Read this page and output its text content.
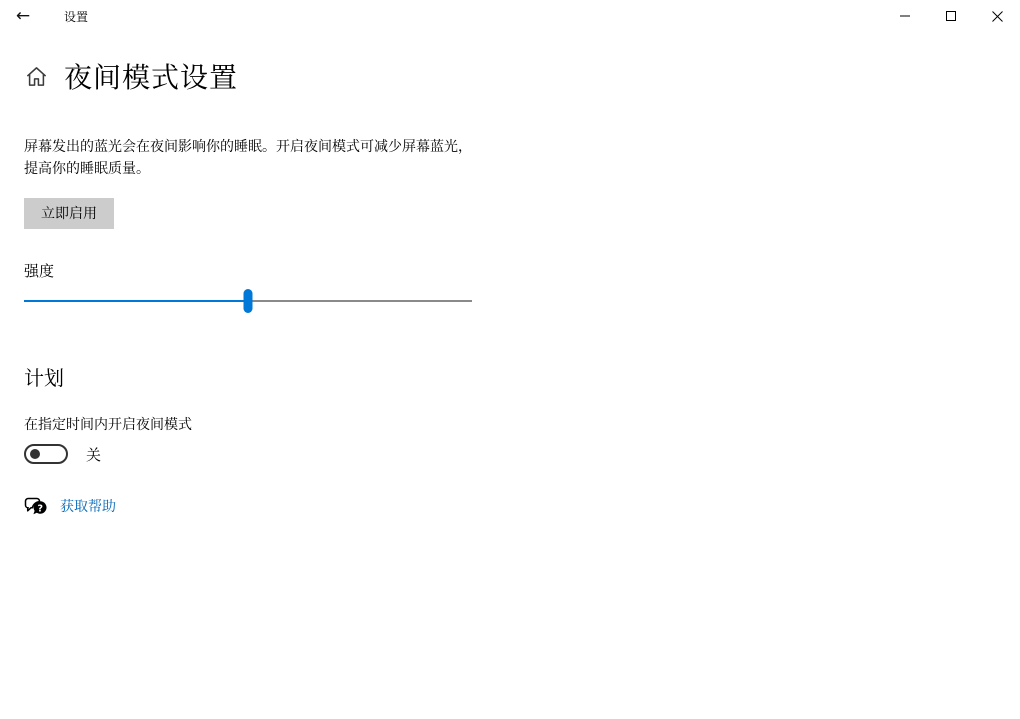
←	设置
夜间模式设置

屏幕发出的蓝光会在夜间影响你的睡眠。开启夜间模式可减少屏幕蓝光，提高你的睡眠质量。

立即启用
强度
计划
在指定时间内开启夜间模式
关
? 获取帮助
